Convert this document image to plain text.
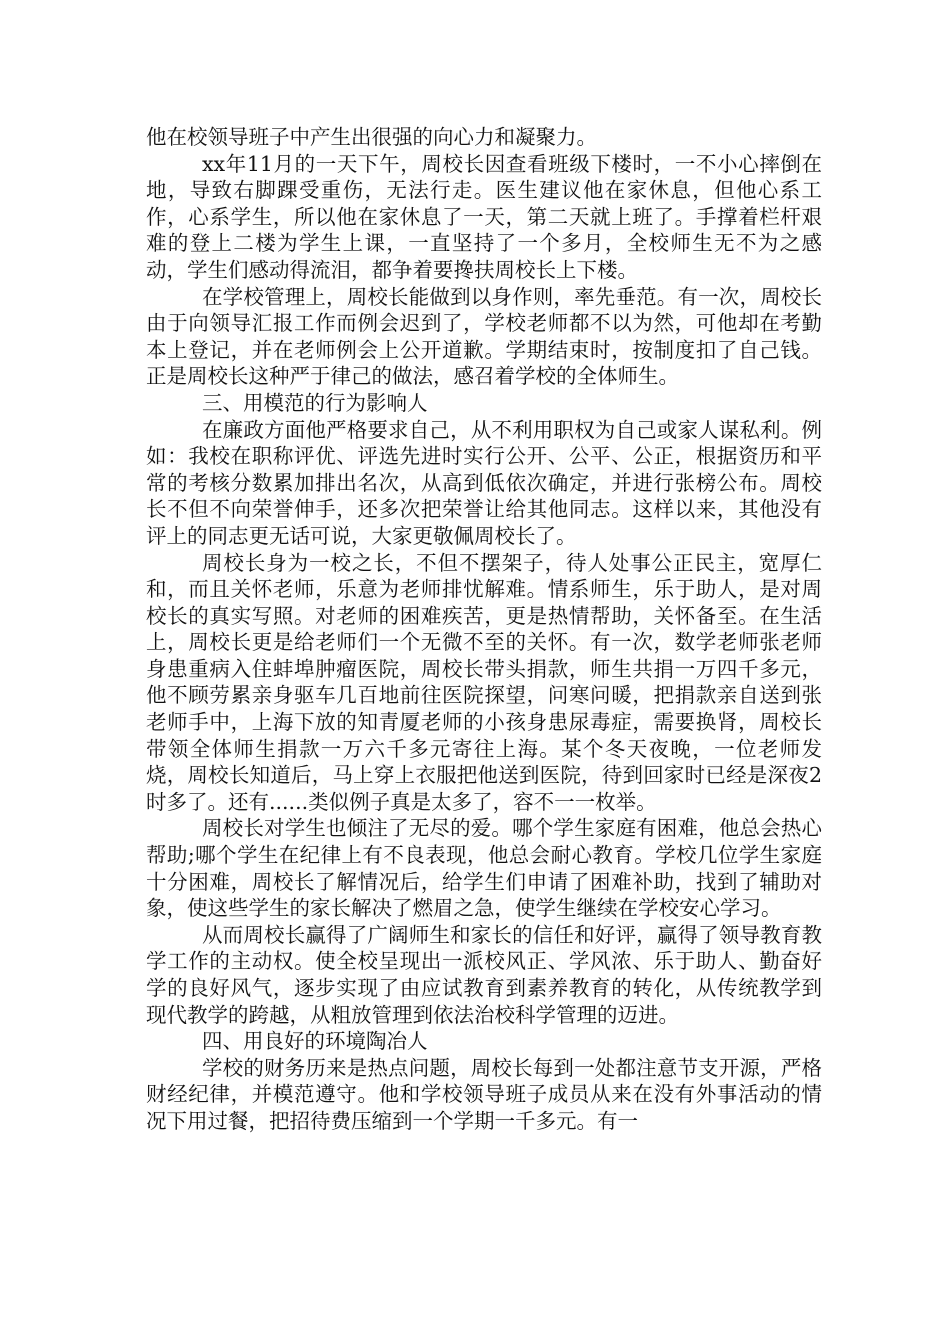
他在校领导班子中产生出很强的向心力和凝聚力。

xx年11月的一天下午，周校长因查看班级下楼时，一不小心摔倒在地，导致右脚踝受重伤，无法行走。医生建议他在家休息，但他心系工作，心系学生，所以他在家休息了一天，第二天就上班了。手撑着栏杆艰难的登上二楼为学生上课，一直坚持了一个多月，全校师生无不为之感动，学生们感动得流泪，都争着要搀扶周校长上下楼。

在学校管理上，周校长能做到以身作则，率先垂范。有一次，周校长由于向领导汇报工作而例会迟到了，学校老师都不以为然，可他却在考勤本上登记，并在老师例会上公开道歉。学期结束时，按制度扣了自己钱。正是周校长这种严于律己的做法，感召着学校的全体师生。

三、用模范的行为影响人

在廉政方面他严格要求自己，从不利用职权为自己或家人谋私利。例如：我校在职称评优、评选先进时实行公开、公平、公正，根据资历和平常的考核分数累加排出名次，从高到低依次确定，并进行张榜公布。周校长不但不向荣誉伸手，还多次把荣誉让给其他同志。这样以来，其他没有评上的同志更无话可说，大家更敬佩周校长了。

周校长身为一校之长，不但不摆架子，待人处事公正民主，宽厚仁和，而且关怀老师，乐意为老师排忧解难。情系师生，乐于助人，是对周校长的真实写照。对老师的困难疾苦，更是热情帮助，关怀备至。在生活上，周校长更是给老师们一个无微不至的关怀。有一次，数学老师张老师身患重病入住蚌埠肿瘤医院，周校长带头捐款，师生共捐一万四千多元，他不顾劳累亲身驱车几百地前往医院探望，问寒问暖，把捐款亲自送到张老师手中，上海下放的知青厦老师的小孩身患尿毒症，需要换肾，周校长带领全体师生捐款一万六千多元寄往上海。某个冬天夜晚，一位老师发烧，周校长知道后，马上穿上衣服把他送到医院，待到回家时已经是深夜2时多了。还有......类似例子真是太多了，容不一一枚举。

周校长对学生也倾注了无尽的爱。哪个学生家庭有困难，他总会热心帮助;哪个学生在纪律上有不良表现，他总会耐心教育。学校几位学生家庭十分困难，周校长了解情况后，给学生们申请了困难补助，找到了辅助对象，使这些学生的家长解决了燃眉之急，使学生继续在学校安心学习。

从而周校长赢得了广阔师生和家长的信任和好评，赢得了领导教育教学工作的主动权。使全校呈现出一派校风正、学风浓、乐于助人、勤奋好学的良好风气，逐步实现了由应试教育到素养教育的转化，从传统教学到现代教学的跨越，从粗放管理到依法治校科学管理的迈进。

四、用良好的环境陶冶人

学校的财务历来是热点问题，周校长每到一处都注意节支开源，严格财经纪律，并模范遵守。他和学校领导班子成员从来在没有外事活动的情况下用过餐，把招待费压缩到一个学期一千多元。有一
